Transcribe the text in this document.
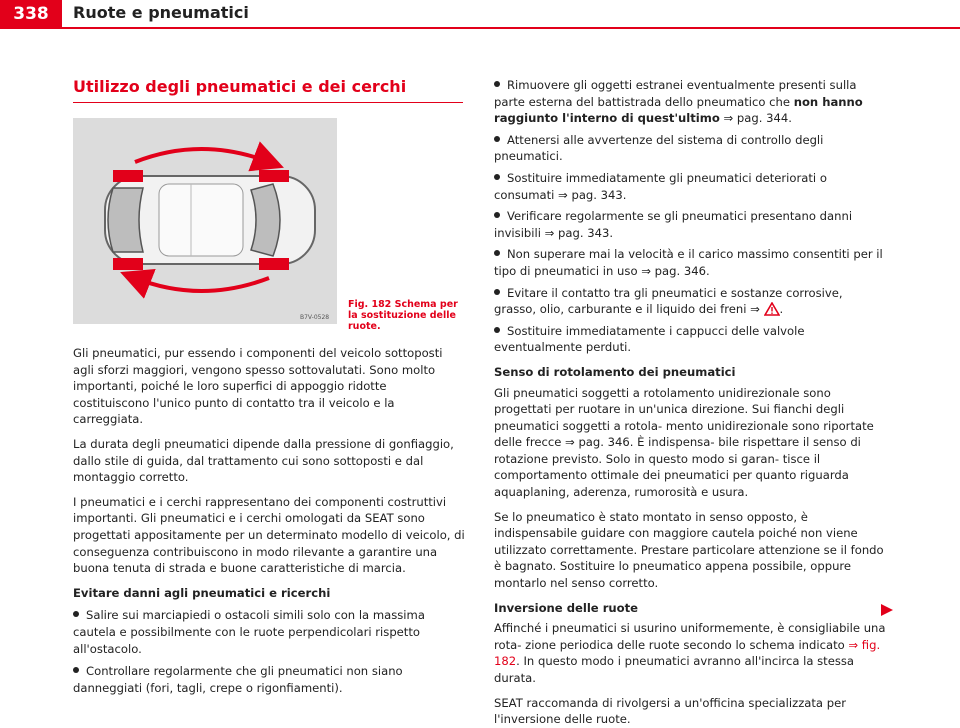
338	Ruote e pneumatici
Utilizzo degli pneumatici e dei cerchi
B7V-0528
Fig. 182 Schema per la sostituzione delle ruote.

Gli pneumatici, pur essendo i componenti del veicolo sottoposti agli sforzi maggiori, vengono spesso sottovalutati. Sono molto importanti, poiché le loro superfici di appoggio ridotte costituiscono l'unico punto di contatto tra il veicolo e la carreggiata.

La durata degli pneumatici dipende dalla pressione di gonfiaggio, dallo stile di guida, dal trattamento cui sono sottoposti e dal montaggio corretto.

I pneumatici e i cerchi rappresentano dei componenti costruttivi importanti. Gli pneumatici e i cerchi omologati da SEAT sono progettati appositamente per un determinato modello di veicolo, di conseguenza contribuiscono in modo rilevante a garantire una buona tenuta di strada e buone caratteristiche di marcia.

Evitare danni agli pneumatici e ricerchi

Salire sui marciapiedi o ostacoli simili solo con la massima cautela e possibilmente con le ruote perpendicolari rispetto all'ostacolo.

Controllare regolarmente che gli pneumatici non siano danneggiati (fori, tagli, crepe o rigonfiamenti).

Rimuovere gli oggetti estranei eventualmente presenti sulla parte esterna del battistrada dello pneumatico che non hanno raggiunto l'interno di quest'ultimo ⇒ pag. 344.

Attenersi alle avvertenze del sistema di controllo degli pneumatici.

Sostituire immediatamente gli pneumatici deteriorati o consumati ⇒ pag. 343.

Verificare regolarmente se gli pneumatici presentano danni invisibili ⇒ pag. 343.

Non superare mai la velocità e il carico massimo consentiti per il tipo di pneumatici in uso ⇒ pag. 346.

Evitare il contatto tra gli pneumatici e sostanze corrosive, grasso, olio, carburante e il liquido dei freni ⇒ .

Sostituire immediatamente i cappucci delle valvole eventualmente perduti.

Senso di rotolamento dei pneumatici

Gli pneumatici soggetti a rotolamento unidirezionale sono progettati per ruotare in un'unica direzione. Sui fianchi degli pneumatici soggetti a rotola- mento unidirezionale sono riportate delle frecce ⇒ pag. 346. È indispensa- bile rispettare il senso di rotazione previsto. Solo in questo modo si garan- tisce il comportamento ottimale dei pneumatici per quanto riguarda aquaplaning, aderenza, rumorosità e usura.

Se lo pneumatico è stato montato in senso opposto, è indispensabile guidare con maggiore cautela poiché non viene utilizzato correttamente. Prestare particolare attenzione se il fondo è bagnato. Sostituire lo pneumatico appena possibile, oppure montarlo nel senso corretto.

Inversione delle ruote

Affinché i pneumatici si usurino uniformemente, è consigliabile una rota- zione periodica delle ruote secondo lo schema indicato ⇒ fig. 182. In questo modo i pneumatici avranno all'incirca la stessa durata.

SEAT raccomanda di rivolgersi a un'officina specializzata per l'inversione delle ruote.
